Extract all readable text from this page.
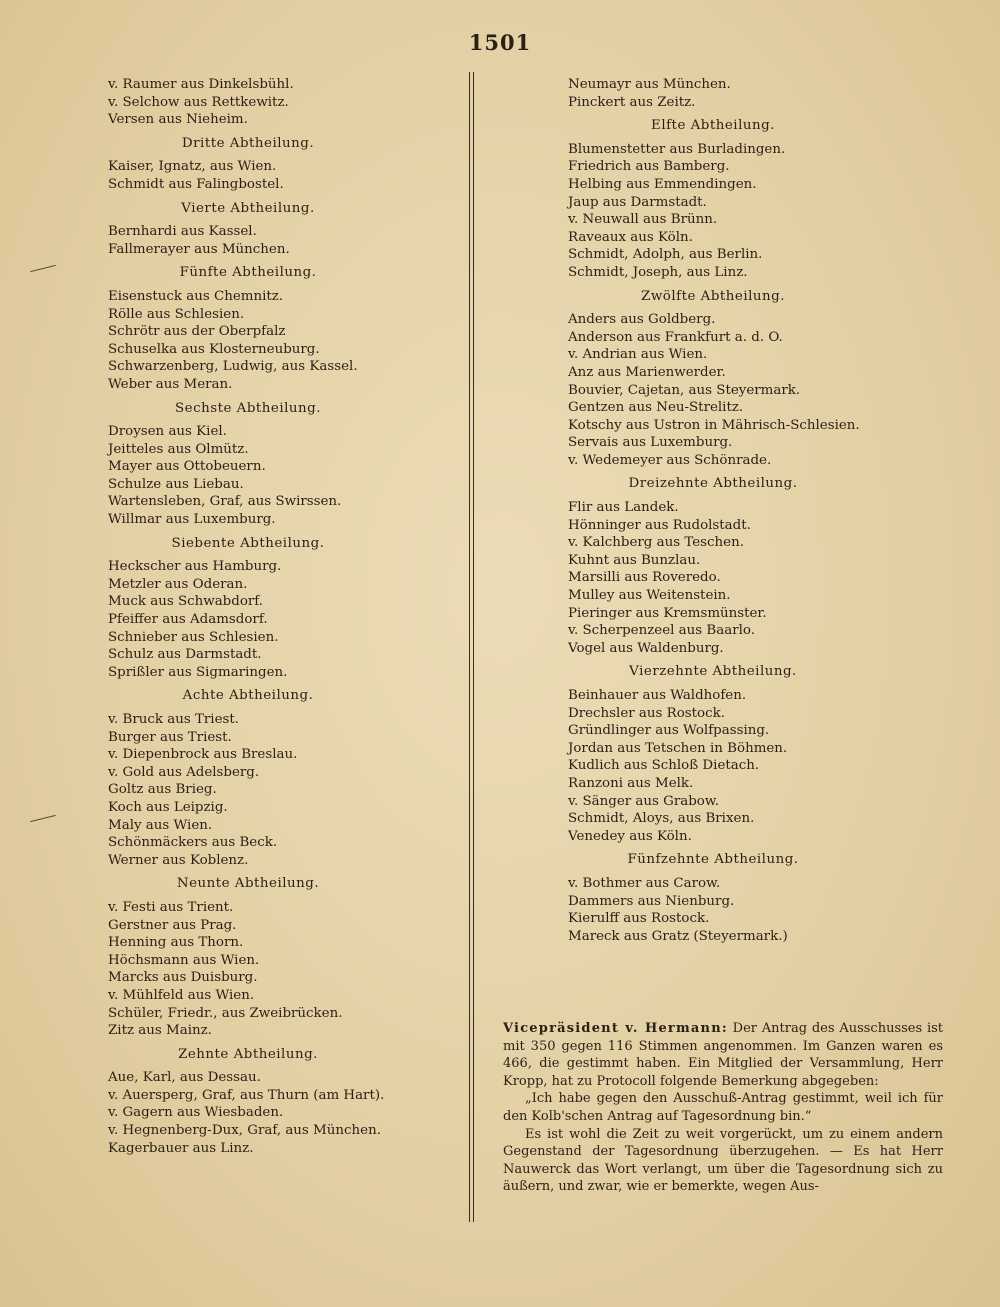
1501
v. Raumer aus Dinkelsbühl.
v. Selchow aus Rettkewitz.
Versen aus Nieheim.
Dritte Abtheilung.
Kaiser, Ignatz, aus Wien.
Schmidt aus Falingbostel.
Vierte Abtheilung.
Bernhardi aus Kassel.
Fallmerayer aus München.
Fünfte Abtheilung.
Eisenstuck aus Chemnitz.
Rölle aus Schlesien.
Schrötr aus der Oberpfalz
Schuselka aus Klosterneuburg.
Schwarzenberg, Ludwig, aus Kassel.
Weber aus Meran.
Sechste Abtheilung.
Droysen aus Kiel.
Jeitteles aus Olmütz.
Mayer aus Ottobeuern.
Schulze aus Liebau.
Wartensleben, Graf, aus Swirssen.
Willmar aus Luxemburg.
Siebente Abtheilung.
Heckscher aus Hamburg.
Metzler aus Oderan.
Muck aus Schwabdorf.
Pfeiffer aus Adamsdorf.
Schnieber aus Schlesien.
Schulz aus Darmstadt.
Sprißler aus Sigmaringen.
Achte Abtheilung.
v. Bruck aus Triest.
Burger aus Triest.
v. Diepenbrock aus Breslau.
v. Gold aus Adelsberg.
Goltz aus Brieg.
Koch aus Leipzig.
Maly aus Wien.
Schönmäckers aus Beck.
Werner aus Koblenz.
Neunte Abtheilung.
v. Festi aus Trient.
Gerstner aus Prag.
Henning aus Thorn.
Höchsmann aus Wien.
Marcks aus Duisburg.
v. Mühlfeld aus Wien.
Schüler, Friedr., aus Zweibrücken.
Zitz aus Mainz.
Zehnte Abtheilung.
Aue, Karl, aus Dessau.
v. Auersperg, Graf, aus Thurn (am Hart).
v. Gagern aus Wiesbaden.
v. Hegnenberg-Dux, Graf, aus München.
Kagerbauer aus Linz.
Neumayr aus München.
Pinckert aus Zeitz.
Elfte Abtheilung.
Blumenstetter aus Burladingen.
Friedrich aus Bamberg.
Helbing aus Emmendingen.
Jaup aus Darmstadt.
v. Neuwall aus Brünn.
Raveaux aus Köln.
Schmidt, Adolph, aus Berlin.
Schmidt, Joseph, aus Linz.
Zwölfte Abtheilung.
Anders aus Goldberg.
Anderson aus Frankfurt a. d. O.
v. Andrian aus Wien.
Anz aus Marienwerder.
Bouvier, Cajetan, aus Steyermark.
Gentzen aus Neu-Strelitz.
Kotschy aus Ustron in Mährisch-Schlesien.
Servais aus Luxemburg.
v. Wedemeyer aus Schönrade.
Dreizehnte Abtheilung.
Flir aus Landek.
Hönninger aus Rudolstadt.
v. Kalchberg aus Teschen.
Kuhnt aus Bunzlau.
Marsilli aus Roveredo.
Mulley aus Weitenstein.
Pieringer aus Kremsmünster.
v. Scherpenzeel aus Baarlo.
Vogel aus Waldenburg.
Vierzehnte Abtheilung.
Beinhauer aus Waldhofen.
Drechsler aus Rostock.
Gründlinger aus Wolfpassing.
Jordan aus Tetschen in Böhmen.
Kudlich aus Schloß Dietach.
Ranzoni aus Melk.
v. Sänger aus Grabow.
Schmidt, Aloys, aus Brixen.
Venedey aus Köln.
Fünfzehnte Abtheilung.
v. Bothmer aus Carow.
Dammers aus Nienburg.
Kierulff aus Rostock.
Mareck aus Gratz (Steyermark.)

Vicepräsident v. Hermann: Der Antrag des Ausschusses ist mit 350 gegen 116 Stimmen angenommen. Im Ganzen waren es 466, die gestimmt haben. Ein Mitglied der Versammlung, Herr Kropp, hat zu Protocoll folgende Bemerkung abgegeben:

„Ich habe gegen den Ausschuß-Antrag gestimmt, weil ich für den Kolb'schen Antrag auf Tagesordnung bin.“

Es ist wohl die Zeit zu weit vorgerückt, um zu einem andern Gegenstand der Tagesordnung überzugehen. — Es hat Herr Nauwerck das Wort verlangt, um über die Tagesordnung sich zu äußern, und zwar, wie er bemerkte, wegen Aus-
